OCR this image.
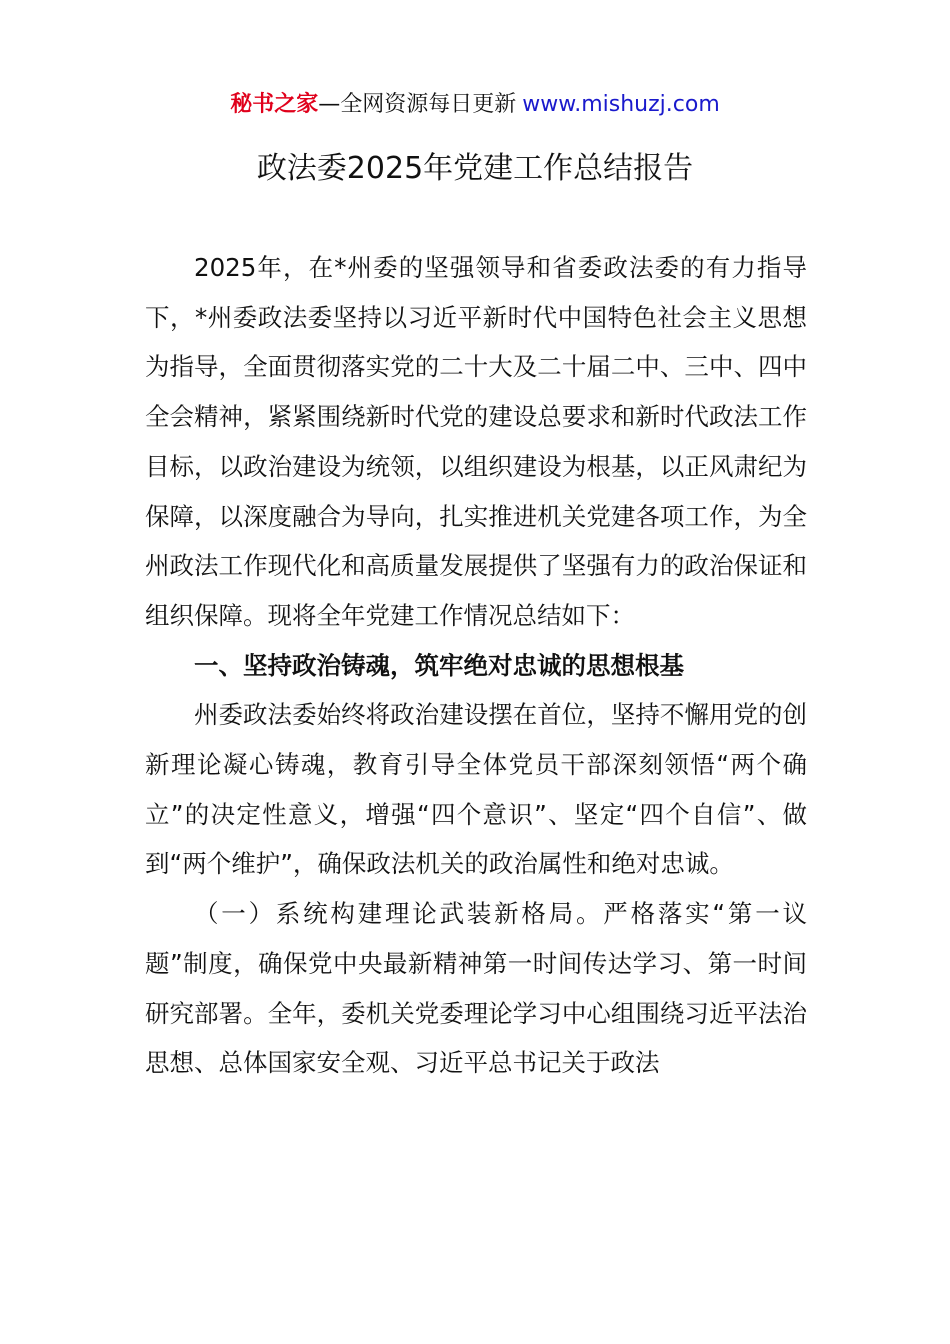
秘书之家—全网资源每日更新 www.mishuzj.com
政法委2025年党建工作总结报告

2025年，在*州委的坚强领导和省委政法委的有力指导下，*州委政法委坚持以习近平新时代中国特色社会主义思想为指导，全面贯彻落实党的二十大及二十届二中、三中、四中全会精神，紧紧围绕新时代党的建设总要求和新时代政法工作目标，以政治建设为统领，以组织建设为根基，以正风肃纪为保障，以深度融合为导向，扎实推进机关党建各项工作，为全州政法工作现代化和高质量发展提供了坚强有力的政治保证和组织保障。现将全年党建工作情况总结如下：

一、坚持政治铸魂，筑牢绝对忠诚的思想根基

州委政法委始终将政治建设摆在首位，坚持不懈用党的创新理论凝心铸魂，教育引导全体党员干部深刻领悟“两个确立”的决定性意义，增强“四个意识”、坚定“四个自信”、做到“两个维护”，确保政法机关的政治属性和绝对忠诚。

（一）系统构建理论武装新格局。严格落实“第一议题”制度，确保党中央最新精神第一时间传达学习、第一时间研究部署。全年，委机关党委理论学习中心组围绕习近平法治思想、总体国家安全观、习近平总书记关于政法
